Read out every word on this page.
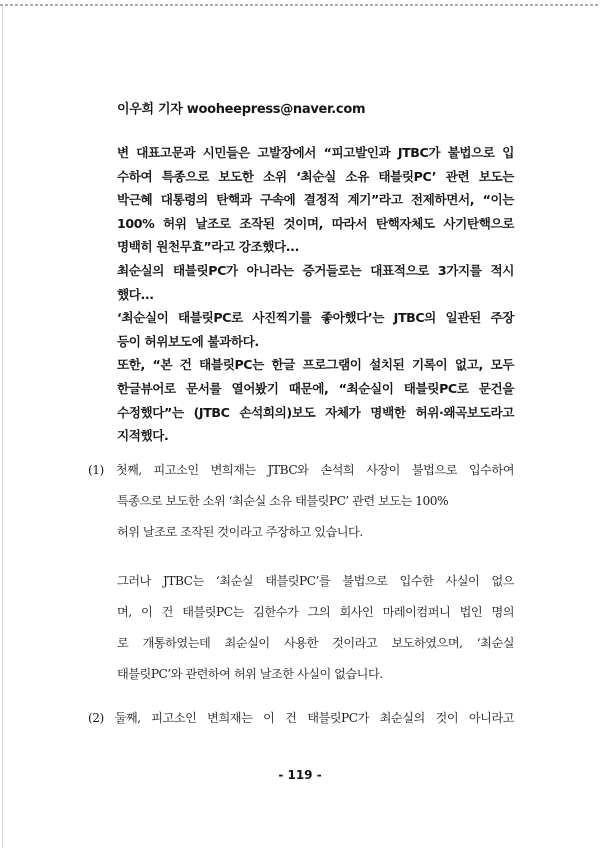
이우희 기자 wooheepress@naver.com
변 대표고문과 시민들은 고발장에서 “피고발인과 JTBC가 불법으로 입
수하여 특종으로 보도한 소위 ‘최순실 소유 태블릿PC’ 관련 보도는
박근혜 대통령의 탄핵과 구속에 결정적 계기”라고 전제하면서, “이는
100% 허위 날조로 조작된 것이며, 따라서 탄핵자체도 사기탄핵으로
명백히 원천무효”라고 강조했다...
최순실의 태블릿PC가 아니라는 증거들로는 대표적으로 3가지를 적시
했다...
‘최순실이 태블릿PC로 사진찍기를 좋아했다’는 JTBC의 일관된 주장
등이 허위보도에 불과하다.
또한, “본 건 태블릿PC는 한글 프로그램이 설치된 기록이 없고, 모두
한글뷰어로 문서를 열어봤기 때문에, “최순실이 태블릿PC로 문건을
수정했다”는 (JTBC 손석희의)보도 자체가 명백한 허위·왜곡보도라고
지적했다.
(1) 첫째, 피고소인 변희재는 JTBC와 손석희 사장이 불법으로 입수하여
특종으로 보도한 소위 ‘최순실 소유 태블릿PC’ 관련 보도는 100%
허위 날조로 조작된 것이라고 주장하고 있습니다.
그러나 JTBC는 ‘최순실 태블릿PC’를 불법으로 입수한 사실이 없으
며, 이 건 태블릿PC는 김한수가 그의 회사인 마레이컴퍼니 법인 명의
로 개통하였는데 최순실이 사용한 것이라고 보도하였으며, ‘최순실
태블릿PC’와 관련하여 허위 날조한 사실이 없습니다.
(2) 둘째, 피고소인 변희재는 이 건 태블릿PC가 최순실의 것이 아니라고
- 119 -
